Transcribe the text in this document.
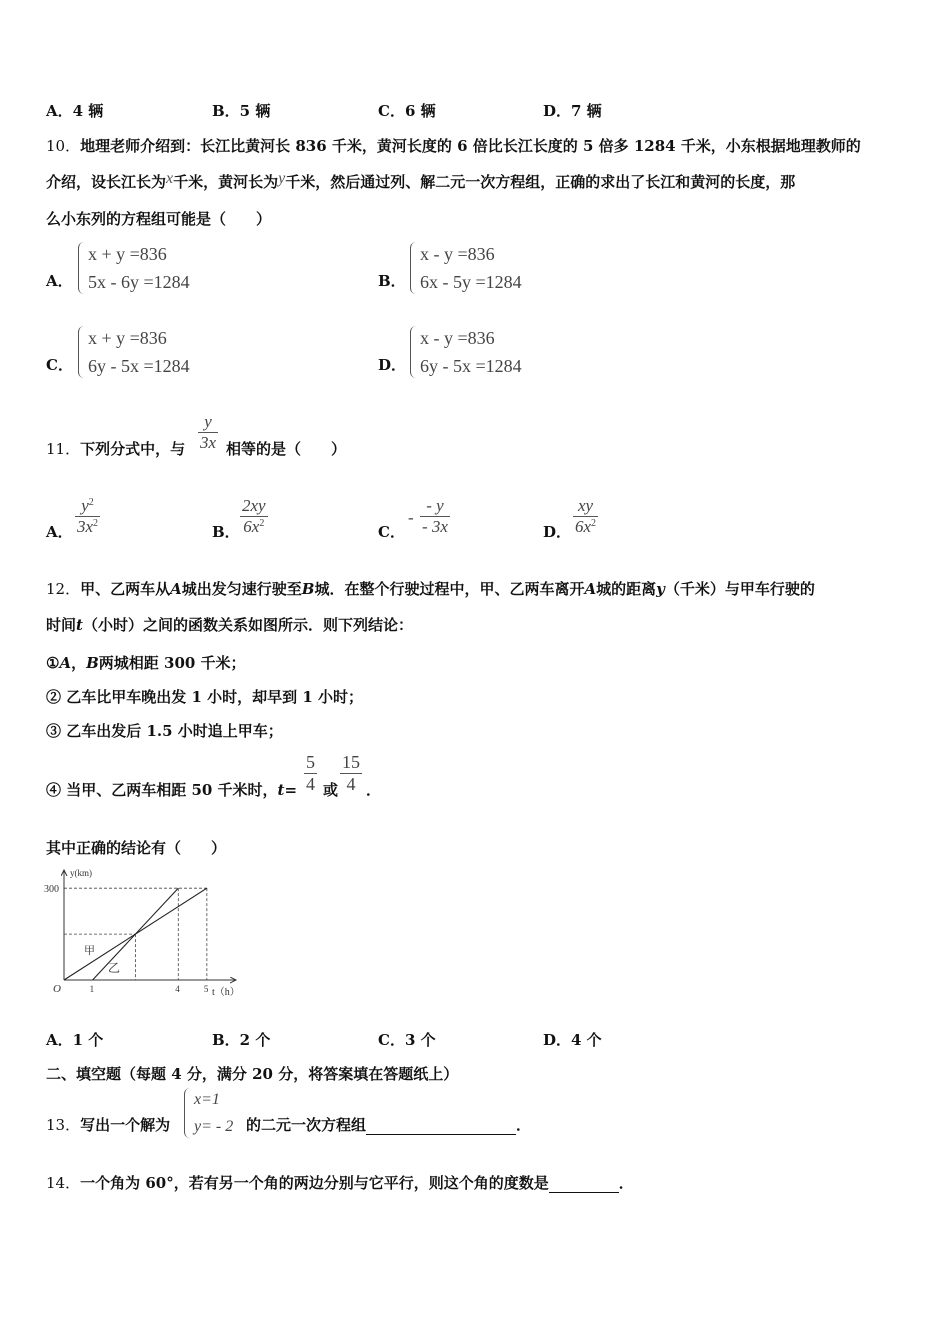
A．4 辆	B．5 辆	C．6 辆	D．7 辆
10．地理老师介绍到：长江比黄河长 836 千米，黄河长度的 6 倍比长江长度的 5 倍多 1284 千米，小东根据地理教师的
介绍，设长江长为x千米，黄河长为y千米，然后通过列、解二元一次方程组，正确的求出了长江和黄河的长度，那
么小东列的方程组可能是（　　）
A．
x + y =836
5x - 6y =1284	B．
x - y =836
6x - 5y =1284
C．
x + y =836
6y - 5x =1284	D．
x - y =836
6y - 5x =1284
11．下列分式中，与 $\frac{y}{3x}$ 相等的是（　　）
A． $\frac{y^2}{3x^2}$	B． $\frac{2xy}{6x^2}$	C．
- $\frac{- y}{- 3x}$	D． $\frac{xy}{6x^2}$
12．甲、乙两车从A城出发匀速行驶至B城．在整个行驶过程中，甲、乙两车离开A城的距离y（千米）与甲车行驶的
时间t（小时）之间的函数关系如图所示．则下列结论：
①A，B两城相距 300 千米；
② 乙车比甲车晚出发 1 小时，却早到 1 小时；
③ 乙车出发后 1.5 小时追上甲车；
④ 当甲、乙两车相距 50 千米时，$t= \frac{5}{4}$ 或 $\frac{15}{4}$ ．
其中正确的结论有（　　）
y(km)
t（h）
O
甲
乙
300
1	4	5
A．1 个	B．2 个	C．3 个	D．4 个
二、填空题（每题 4 分，满分 20 分，将答案填在答题纸上）
13．写出一个解为
x=1
y= - 2 的二元一次方程组	．
14．一个角为 60°，若有另一个角的两边分别与它平行，则这个角的度数是	．
